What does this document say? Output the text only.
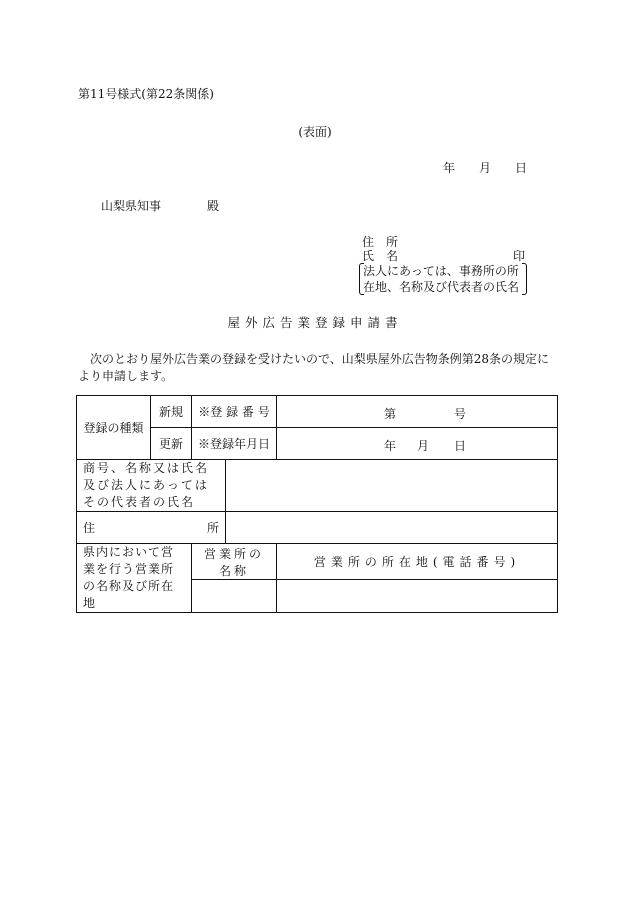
第11号様式(第22条関係)
(表面)
年 月 日
山梨県知事	殿
住　所
氏　名	印
法人にあっては、事務所の所
在地、名称及び代表者の氏名
屋外広告業登録申請書
次のとおり屋外広告業の登録を受けたいので、山梨県屋外広告物条例第28条の規定により申請します。
登録の種類	新規	※登 録 番 号		第 号

	更新	※登録年月日		年 月 日

商号、名称又は氏名及び法人にあってはその代表者の氏名				

住 所				

県内において営業を行う営業所の名称及び所在地		営業所の名称		営業所の所在地(電話番号)
